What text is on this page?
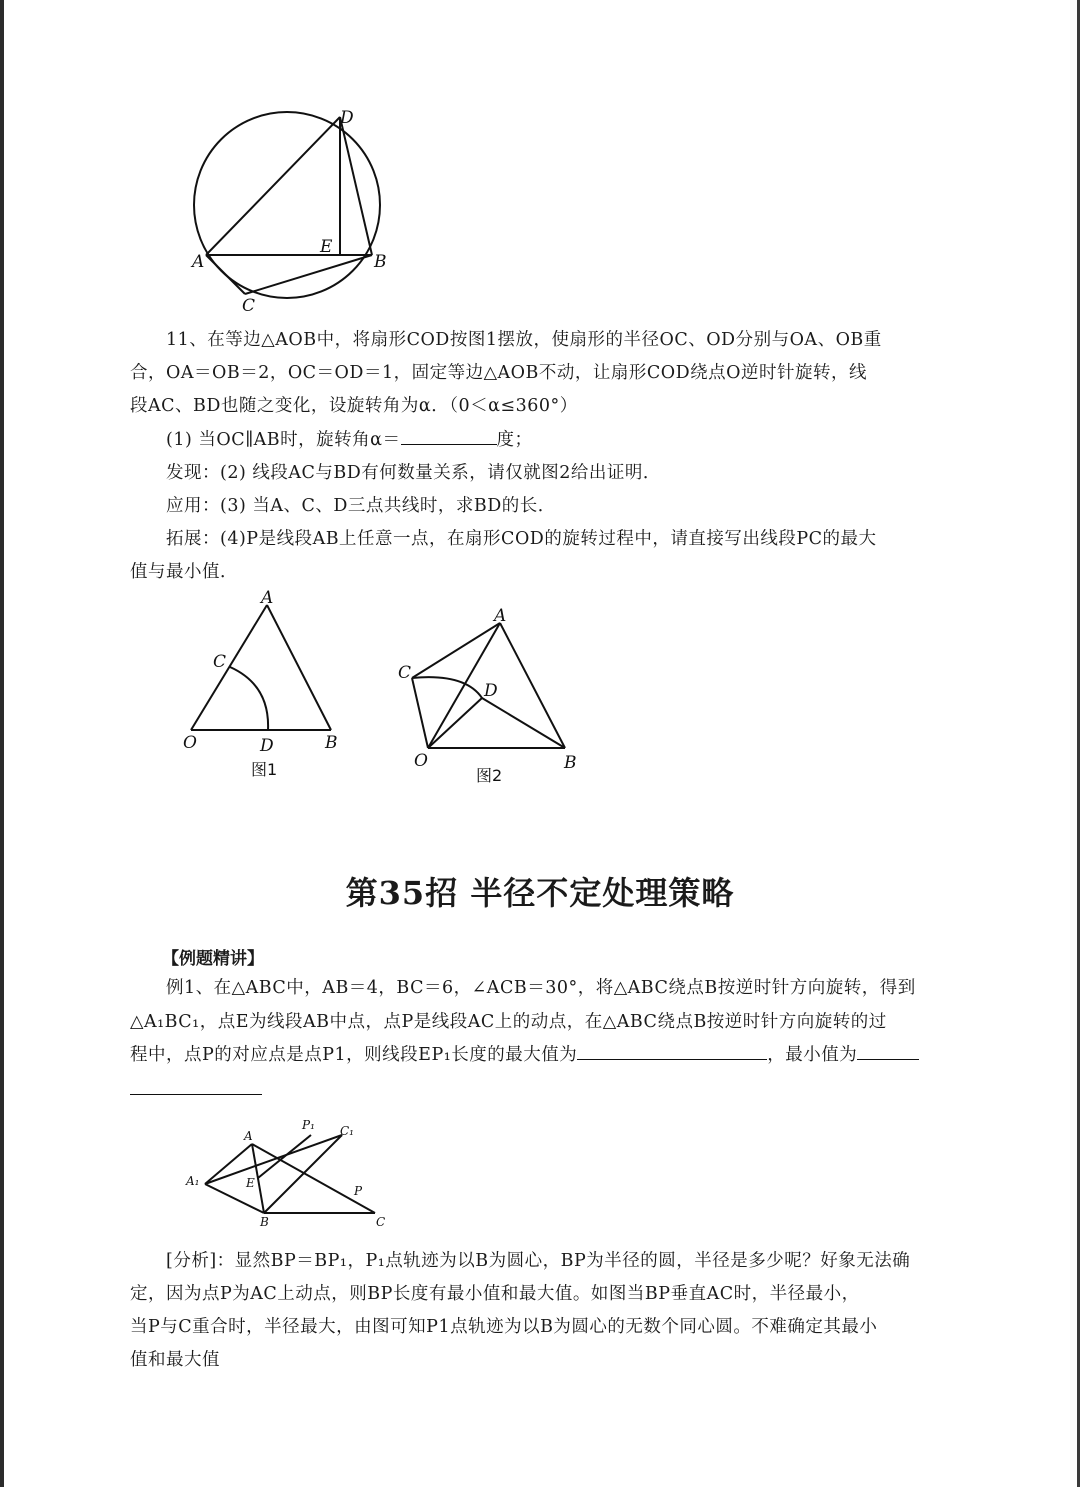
D
A
E
B
C

11、在等边△AOB中，将扇形COD按图1摆放，使扇形的半径OC、OD分别与OA、OB重

合，OA＝OB＝2，OC＝OD＝1，固定等边△AOB不动，让扇形COD绕点O逆时针旋转，线

段AC、BD也随之变化，设旋转角为α．（0＜α≤360°）

(1) 当OC∥AB时，旋转角α＝	度；

发现：(2) 线段AC与BD有何数量关系，请仅就图2给出证明．

应用：(3) 当A、C、D三点共线时，求BD的长．

拓展：(4)P是线段AB上任意一点，在扇形COD的旋转过程中，请直接写出线段PC的最大

值与最小值．

A
C
O	D	B
图1
A
C
D
O	B
图2
第35招 半径不定处理策略

【例题精讲】

例1、在△ABC中，AB＝4，BC＝6，∠ACB＝30°，将△ABC绕点B按逆时针方向旋转，得到

△A₁BC₁，点E为线段AB中点，点P是线段AC上的动点，在△ABC绕点B按逆时针方向旋转的过

程中，点P的对应点是点P1，则线段EP₁长度的最大值为	，最小值为

A
P₁ C₁
A₁	E
P
B	C

[分析]：显然BP＝BP₁，P₁点轨迹为以B为圆心，BP为半径的圆，半径是多少呢？好象无法确

定，因为点P为AC上动点，则BP长度有最小值和最大值。如图当BP垂直AC时，半径最小，

当P与C重合时，半径最大，由图可知P1点轨迹为以B为圆心的无数个同心圆。不难确定其最小

值和最大值
